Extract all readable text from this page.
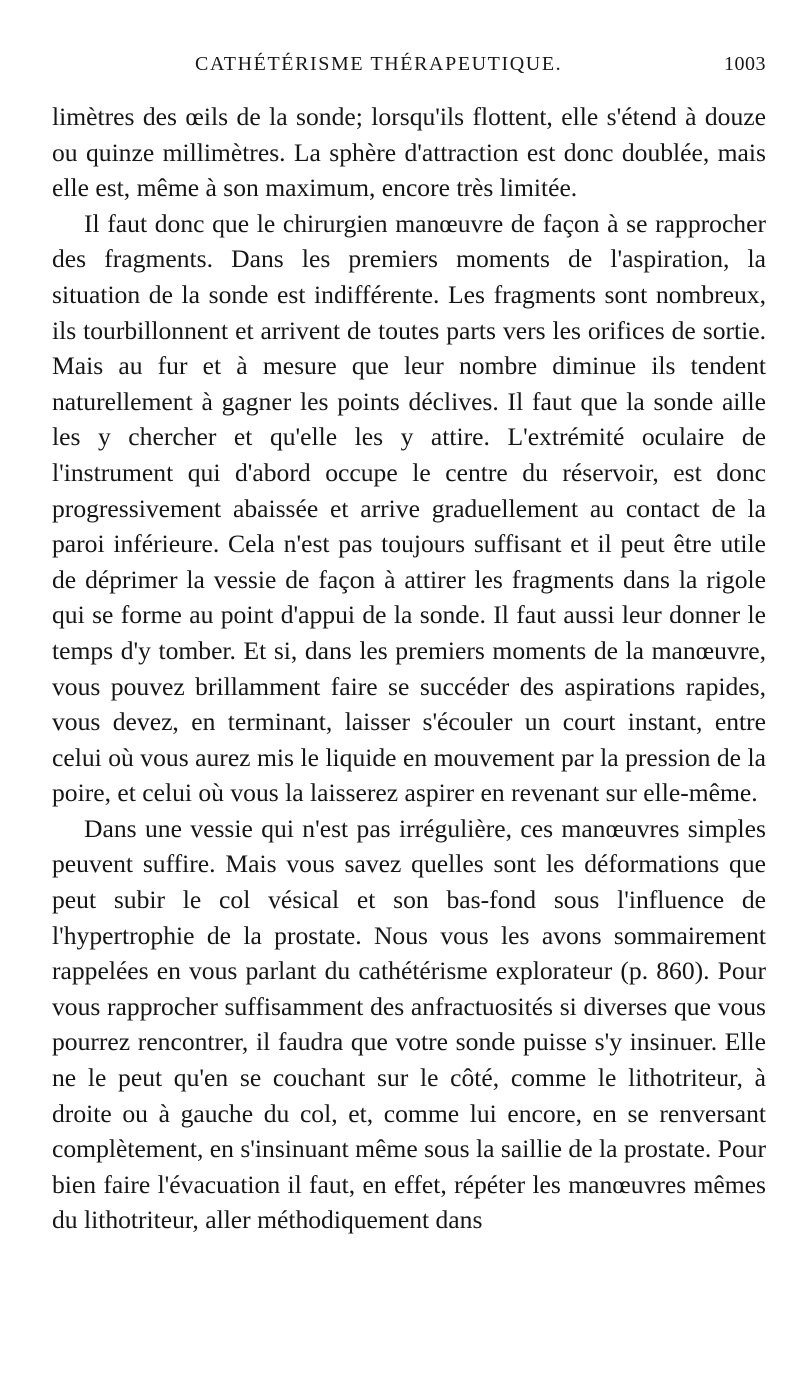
CATHÉTÉRISME THÉRAPEUTIQUE.	1003

limètres des œils de la sonde; lorsqu'ils flottent, elle s'étend à douze ou quinze millimètres. La sphère d'attraction est donc doublée, mais elle est, même à son maximum, encore très limitée.

Il faut donc que le chirurgien manœuvre de façon à se rapprocher des fragments. Dans les premiers moments de l'aspiration, la situation de la sonde est indifférente. Les fragments sont nombreux, ils tourbillonnent et arrivent de toutes parts vers les orifices de sortie. Mais au fur et à mesure que leur nombre diminue ils tendent naturellement à gagner les points déclives. Il faut que la sonde aille les y chercher et qu'elle les y attire. L'extrémité oculaire de l'instrument qui d'abord occupe le centre du réservoir, est donc progressivement abaissée et arrive graduellement au contact de la paroi inférieure. Cela n'est pas toujours suffisant et il peut être utile de déprimer la vessie de façon à attirer les fragments dans la rigole qui se forme au point d'appui de la sonde. Il faut aussi leur donner le temps d'y tomber. Et si, dans les premiers moments de la manœuvre, vous pouvez brillamment faire se succéder des aspirations rapides, vous devez, en terminant, laisser s'écouler un court instant, entre celui où vous aurez mis le liquide en mouvement par la pression de la poire, et celui où vous la laisserez aspirer en revenant sur elle-même.

Dans une vessie qui n'est pas irrégulière, ces manœuvres simples peuvent suffire. Mais vous savez quelles sont les déformations que peut subir le col vésical et son bas-fond sous l'influence de l'hypertrophie de la prostate. Nous vous les avons sommairement rappelées en vous parlant du cathétérisme explorateur (p. 860). Pour vous rapprocher suffisamment des anfractuosités si diverses que vous pourrez rencontrer, il faudra que votre sonde puisse s'y insinuer. Elle ne le peut qu'en se couchant sur le côté, comme le lithotriteur, à droite ou à gauche du col, et, comme lui encore, en se renversant complètement, en s'insinuant même sous la saillie de la prostate. Pour bien faire l'évacuation il faut, en effet, répéter les manœuvres mêmes du lithotriteur, aller méthodiquement dans
